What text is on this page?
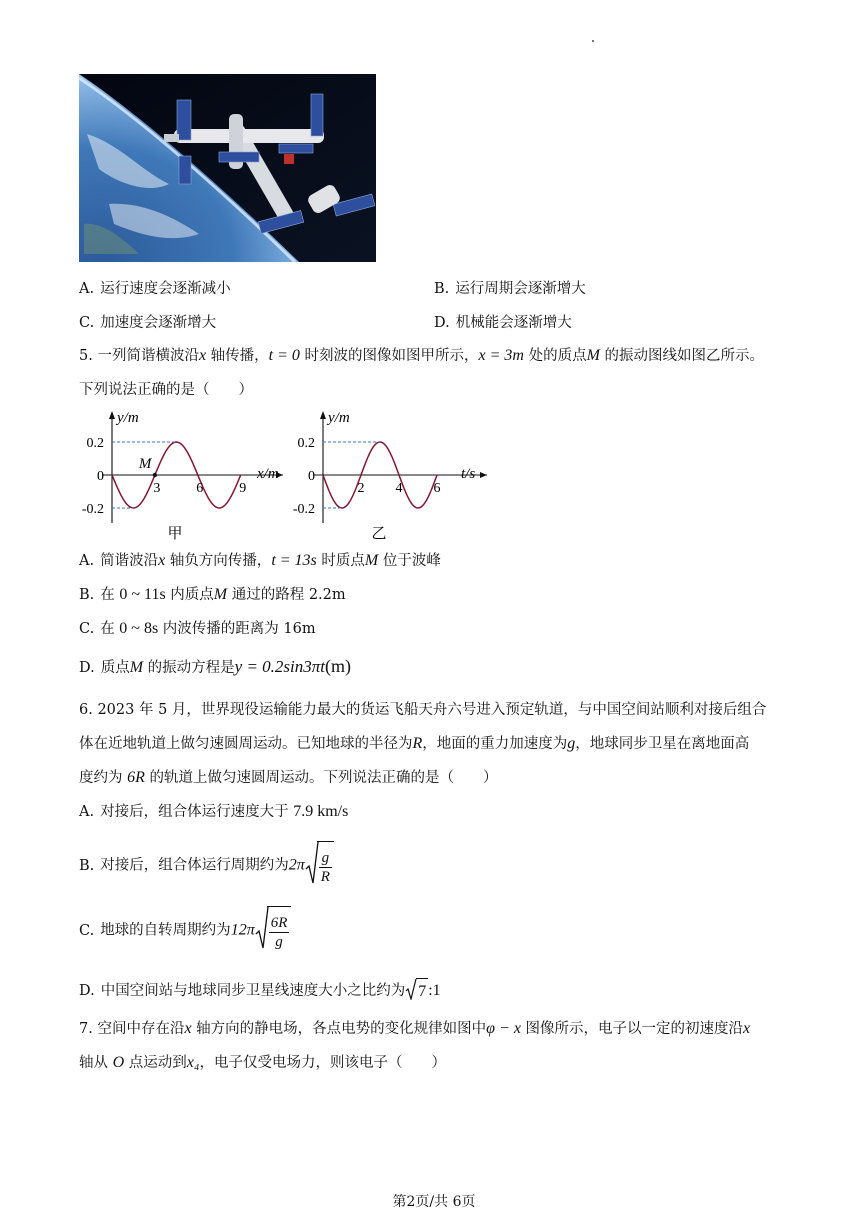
A. 运行速度会逐渐减小	B. 运行周期会逐渐增大
C. 加速度会逐渐增大	D. 机械能会逐渐增大
5. 一列简谐横波沿x 轴传播，t = 0 时刻波的图像如图甲所示，x = 3m 处的质点M 的振动图线如图乙所示。
下列说法正确的是（　　）
y/m
x/m
0.2
0
-0.2
3	6	9
甲
M
y/m
t/s
0.2
0
-0.2
2 4 6
乙
A. 简谐波沿x 轴负方向传播，t = 13s 时质点M 位于波峰
B. 在 0 ~ 11s 内质点M 通过的路程 2.2m
C. 在 0 ~ 8s 内波传播的距离为 16m
D. 质点M 的振动方程是y = 0.2sin3πt(m)
6. 2023 年 5 月，世界现役运输能力最大的货运飞船天舟六号进入预定轨道，与中国空间站顺利对接后组合
体在近地轨道上做匀速圆周运动。已知地球的半径为R，地面的重力加速度为g，地球同步卫星在离地面高
度约为 6R 的轨道上做匀速圆周运动。下列说法正确的是（　　）
A. 对接后，组合体运行速度大于 7.9 km/s
B. 对接后，组合体运行周期约为$2\pi \frac{g}{R}$
C. 地球的自转周期约为$12\pi \frac{6R}{g}$
D. 中国空间站与地球同步卫星线速度大小之比约为 7 :1
7. 空间中存在沿x 轴方向的静电场，各点电势的变化规律如图中φ − x 图像所示，电子以一定的初速度沿x
轴从 O 点运动到x₄，电子仅受电场力，则该电子（　　）
第2页/共 6页
